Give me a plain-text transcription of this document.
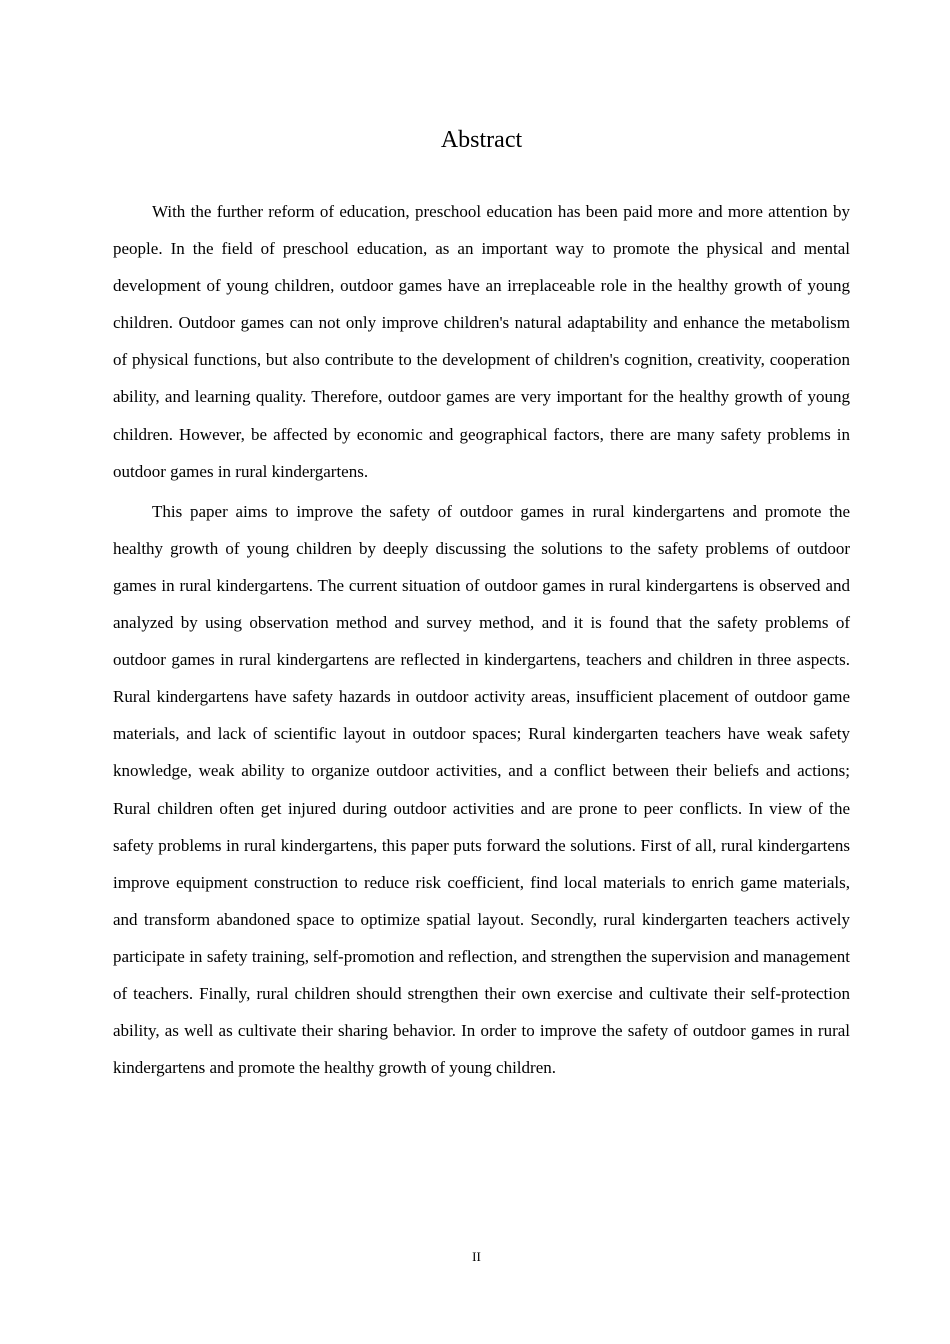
Abstract

With the further reform of education, preschool education has been paid more and more attention by people. In the field of preschool education, as an important way to promote the physical and mental development of young children, outdoor games have an irreplaceable role in the healthy growth of young children. Outdoor games can not only improve children's natural adaptability and enhance the metabolism of physical functions, but also contribute to the development of children's cognition, creativity, cooperation ability, and learning quality. Therefore, outdoor games are very important for the healthy growth of young children. However, be affected by economic and geographical factors, there are many safety problems in outdoor games in rural kindergartens.

This paper aims to improve the safety of outdoor games in rural kindergartens and promote the healthy growth of young children by deeply discussing the solutions to the safety problems of outdoor games in rural kindergartens. The current situation of outdoor games in rural kindergartens is observed and analyzed by using observation method and survey method, and it is found that the safety problems of outdoor games in rural kindergartens are reflected in kindergartens, teachers and children in three aspects. Rural kindergartens have safety hazards in outdoor activity areas, insufficient placement of outdoor game materials, and lack of scientific layout in outdoor spaces; Rural kindergarten teachers have weak safety knowledge, weak ability to organize outdoor activities, and a conflict between their beliefs and actions; Rural children often get injured during outdoor activities and are prone to peer conflicts. In view of the safety problems in rural kindergartens, this paper puts forward the solutions. First of all, rural kindergartens improve equipment construction to reduce risk coefficient, find local materials to enrich game materials, and transform abandoned space to optimize spatial layout. Secondly, rural kindergarten teachers actively participate in safety training, self-promotion and reflection, and strengthen the supervision and management of teachers. Finally, rural children should strengthen their own exercise and cultivate their self-protection ability, as well as cultivate their sharing behavior. In order to improve the safety of outdoor games in rural kindergartens and promote the healthy growth of young children.

II
